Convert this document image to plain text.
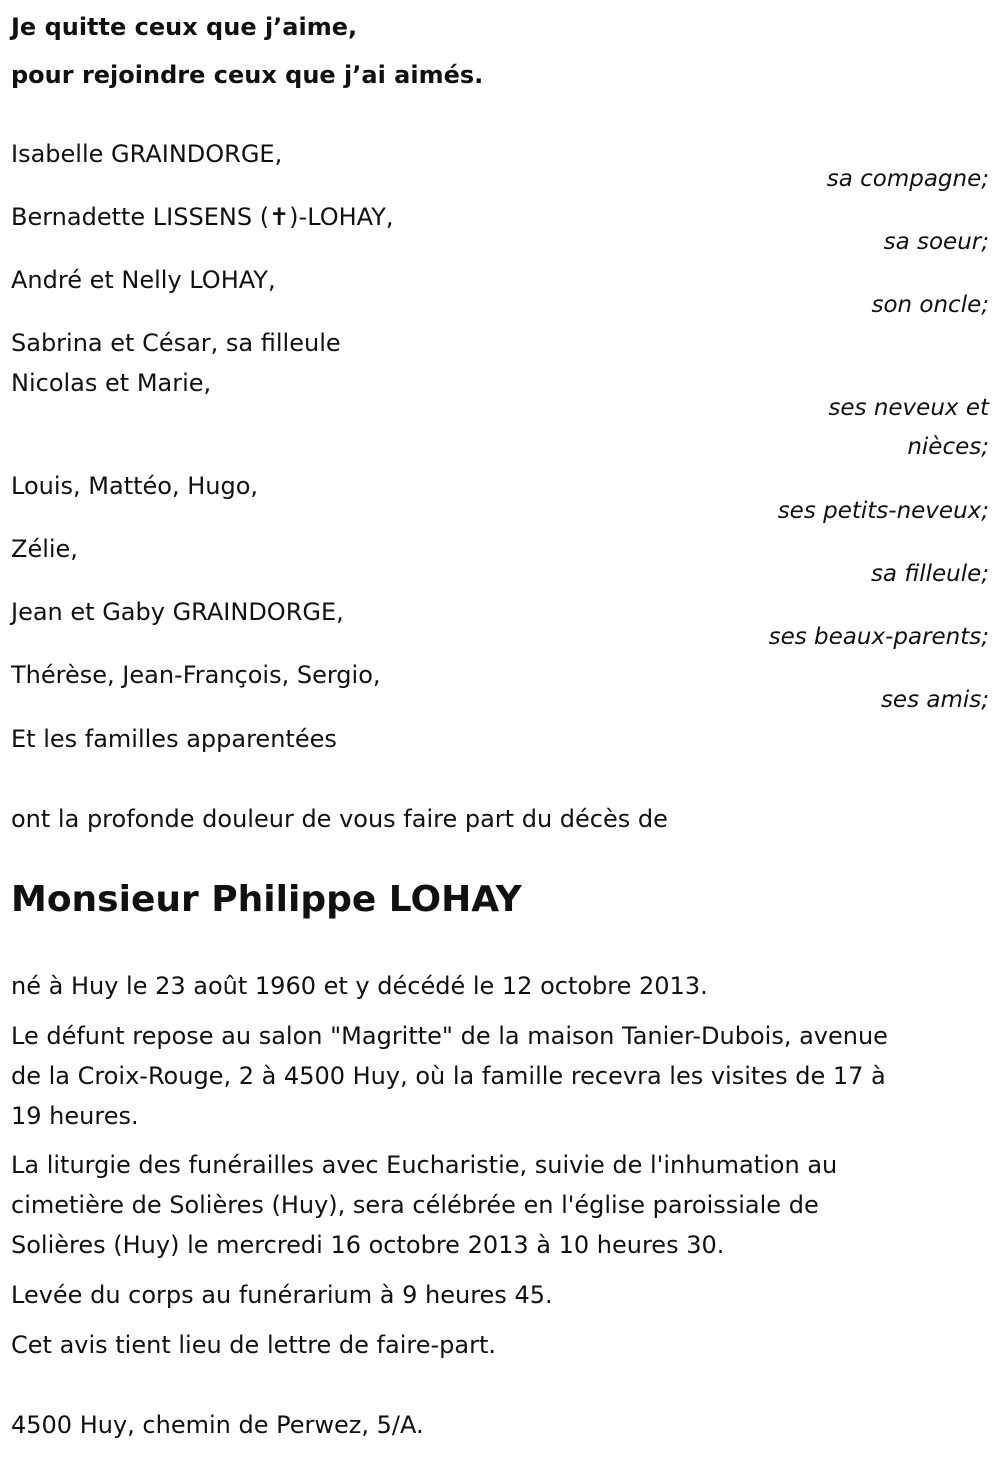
Je quitte ceux que j’aime,
pour rejoindre ceux que j’ai aimés.
Isabelle GRAINDORGE,
sa compagne;
Bernadette LISSENS (✝)-LOHAY,
sa soeur;
André et Nelly LOHAY,
son oncle;
Sabrina et César, sa filleule
Nicolas et Marie,
ses neveux et
nièces;
Louis, Mattéo, Hugo,
ses petits-neveux;
Zélie,
sa filleule;
Jean et Gaby GRAINDORGE,
ses beaux-parents;
Thérèse, Jean-François, Sergio,
ses amis;
Et les familles apparentées
ont la profonde douleur de vous faire part du décès de
Monsieur Philippe LOHAY
né à Huy le 23 août 1960 et y décédé le 12 octobre 2013.
Le défunt repose au salon "Magritte" de la maison Tanier-Dubois, avenue
de la Croix-Rouge, 2 à 4500 Huy, où la famille recevra les visites de 17 à
19 heures.
La liturgie des funérailles avec Eucharistie, suivie de l'inhumation au
cimetière de Solières (Huy), sera célébrée en l'église paroissiale de
Solières (Huy) le mercredi 16 octobre 2013 à 10 heures 30.
Levée du corps au funérarium à 9 heures 45.
Cet avis tient lieu de lettre de faire-part.
4500 Huy, chemin de Perwez, 5/A.
